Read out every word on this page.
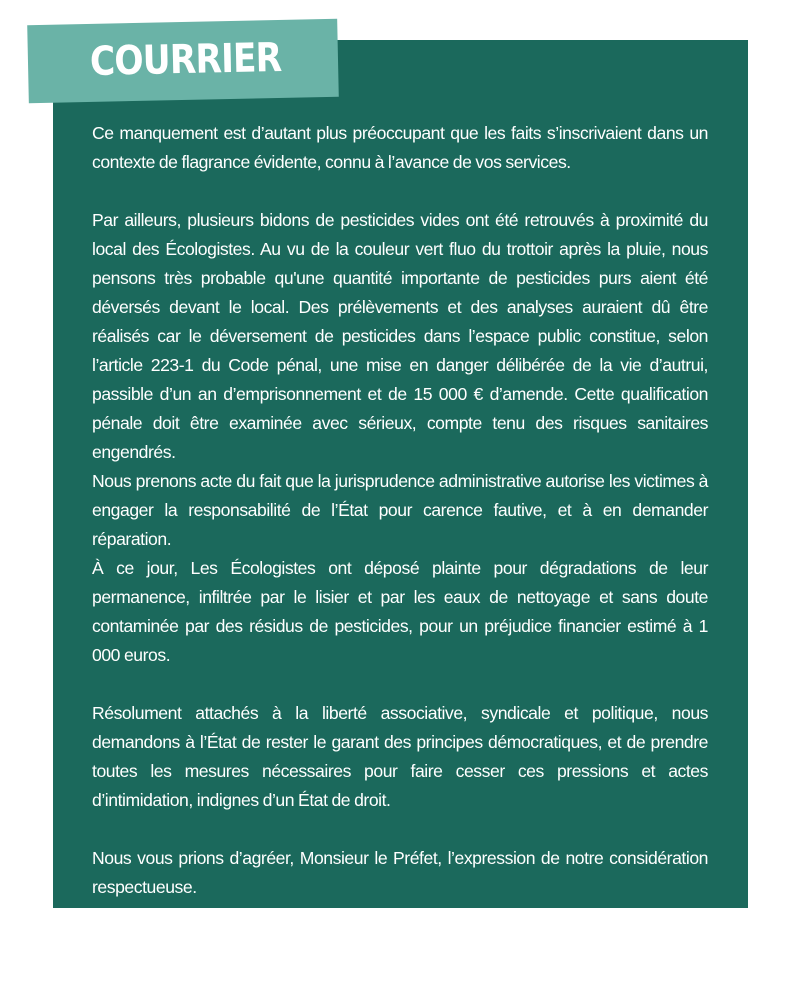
COURRIER

Ce manquement est d’autant plus préoccupant que les faits s’inscrivaient dans un contexte de flagrance évidente, connu à l’avance de vos services.

Par ailleurs, plusieurs bidons de pesticides vides ont été retrouvés à proximité du local des Écologistes. Au vu de la couleur vert fluo du trottoir après la pluie, nous pensons très probable qu'une quantité importante de pesticides purs aient été déversés devant le local. Des prélèvements et des analyses auraient dû être réalisés car le déversement de pesticides dans l’espace public constitue, selon l’article 223-1 du Code pénal, une mise en danger délibérée de la vie d’autrui, passible d’un an d’emprisonnement et de 15 000 € d’amende. Cette qualification pénale doit être examinée avec sérieux, compte tenu des risques sanitaires engendrés.

Nous prenons acte du fait que la jurisprudence administrative autorise les victimes à engager la responsabilité de l’État pour carence fautive, et à en demander réparation.

À ce jour, Les Écologistes ont déposé plainte pour dégradations de leur permanence, infiltrée par le lisier et par les eaux de nettoyage et sans doute contaminée par des résidus de pesticides, pour un préjudice financier estimé à 1 000 euros.

Résolument attachés à la liberté associative, syndicale et politique, nous demandons à l’État de rester le garant des principes démocratiques, et de prendre toutes les mesures nécessaires pour faire cesser ces pressions et actes d’intimidation, indignes d’un État de droit.

Nous vous prions d’agréer, Monsieur le Préfet, l’expression de notre considération respectueuse.

Les Ecologistes Midi-Pyrénées et Toulouse
